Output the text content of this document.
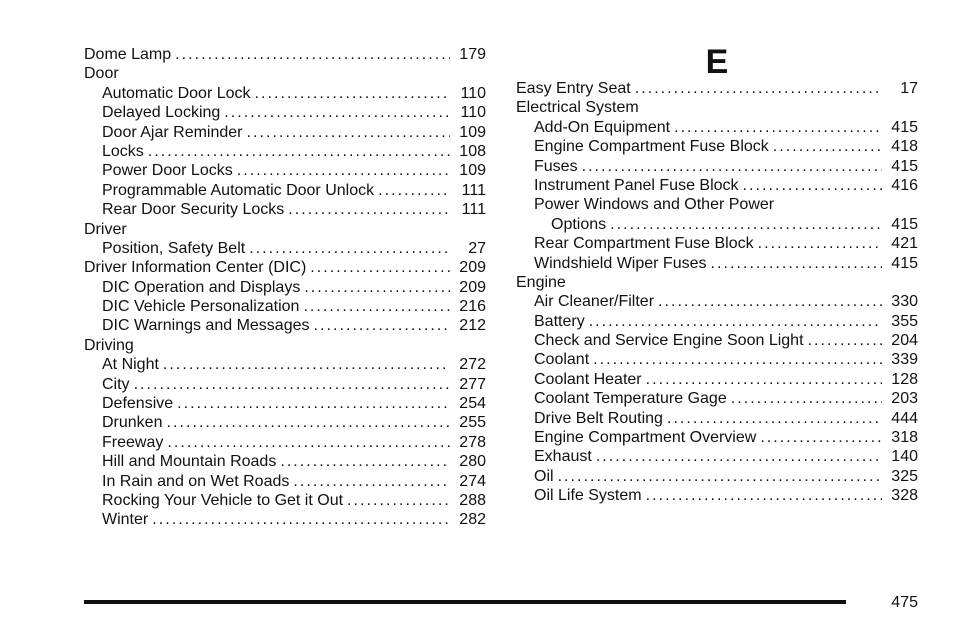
Dome Lamp . . .	179
Door
Automatic Door Lock . . .	110
Delayed Locking . . .	110
Door Ajar Reminder . . .	109
Locks . . .	108
Power Door Locks . . .	109
Programmable Automatic Door Unlock . . .	111
Rear Door Security Locks . . .	111
Driver
Position, Safety Belt . . .	27
Driver Information Center (DIC) . . .	209
DIC Operation and Displays . . .	209
DIC Vehicle Personalization . . .	216
DIC Warnings and Messages . . .	212
Driving
At Night . . .	272
City . . .	277
Defensive . . .	254
Drunken . . .	255
Freeway . . .	278
Hill and Mountain Roads . . .	280
In Rain and on Wet Roads . . .	274
Rocking Your Vehicle to Get it Out . . .	288
Winter . . .	282
E
Easy Entry Seat . . .	17
Electrical System
Add-On Equipment . . .	415
Engine Compartment Fuse Block . . .	418
Fuses . . .	415
Instrument Panel Fuse Block . . .	416
Power Windows and Other Power
Options . . .	415
Rear Compartment Fuse Block . . .	421
Windshield Wiper Fuses . . .	415
Engine
Air Cleaner/Filter . . .	330
Battery . . .	355
Check and Service Engine Soon Light . . .	204
Coolant . . .	339
Coolant Heater . . .	128
Coolant Temperature Gage . . .	203
Drive Belt Routing . . .	444
Engine Compartment Overview . . .	318
Exhaust . . .	140
Oil . . .	325
Oil Life System . . .	328
475
